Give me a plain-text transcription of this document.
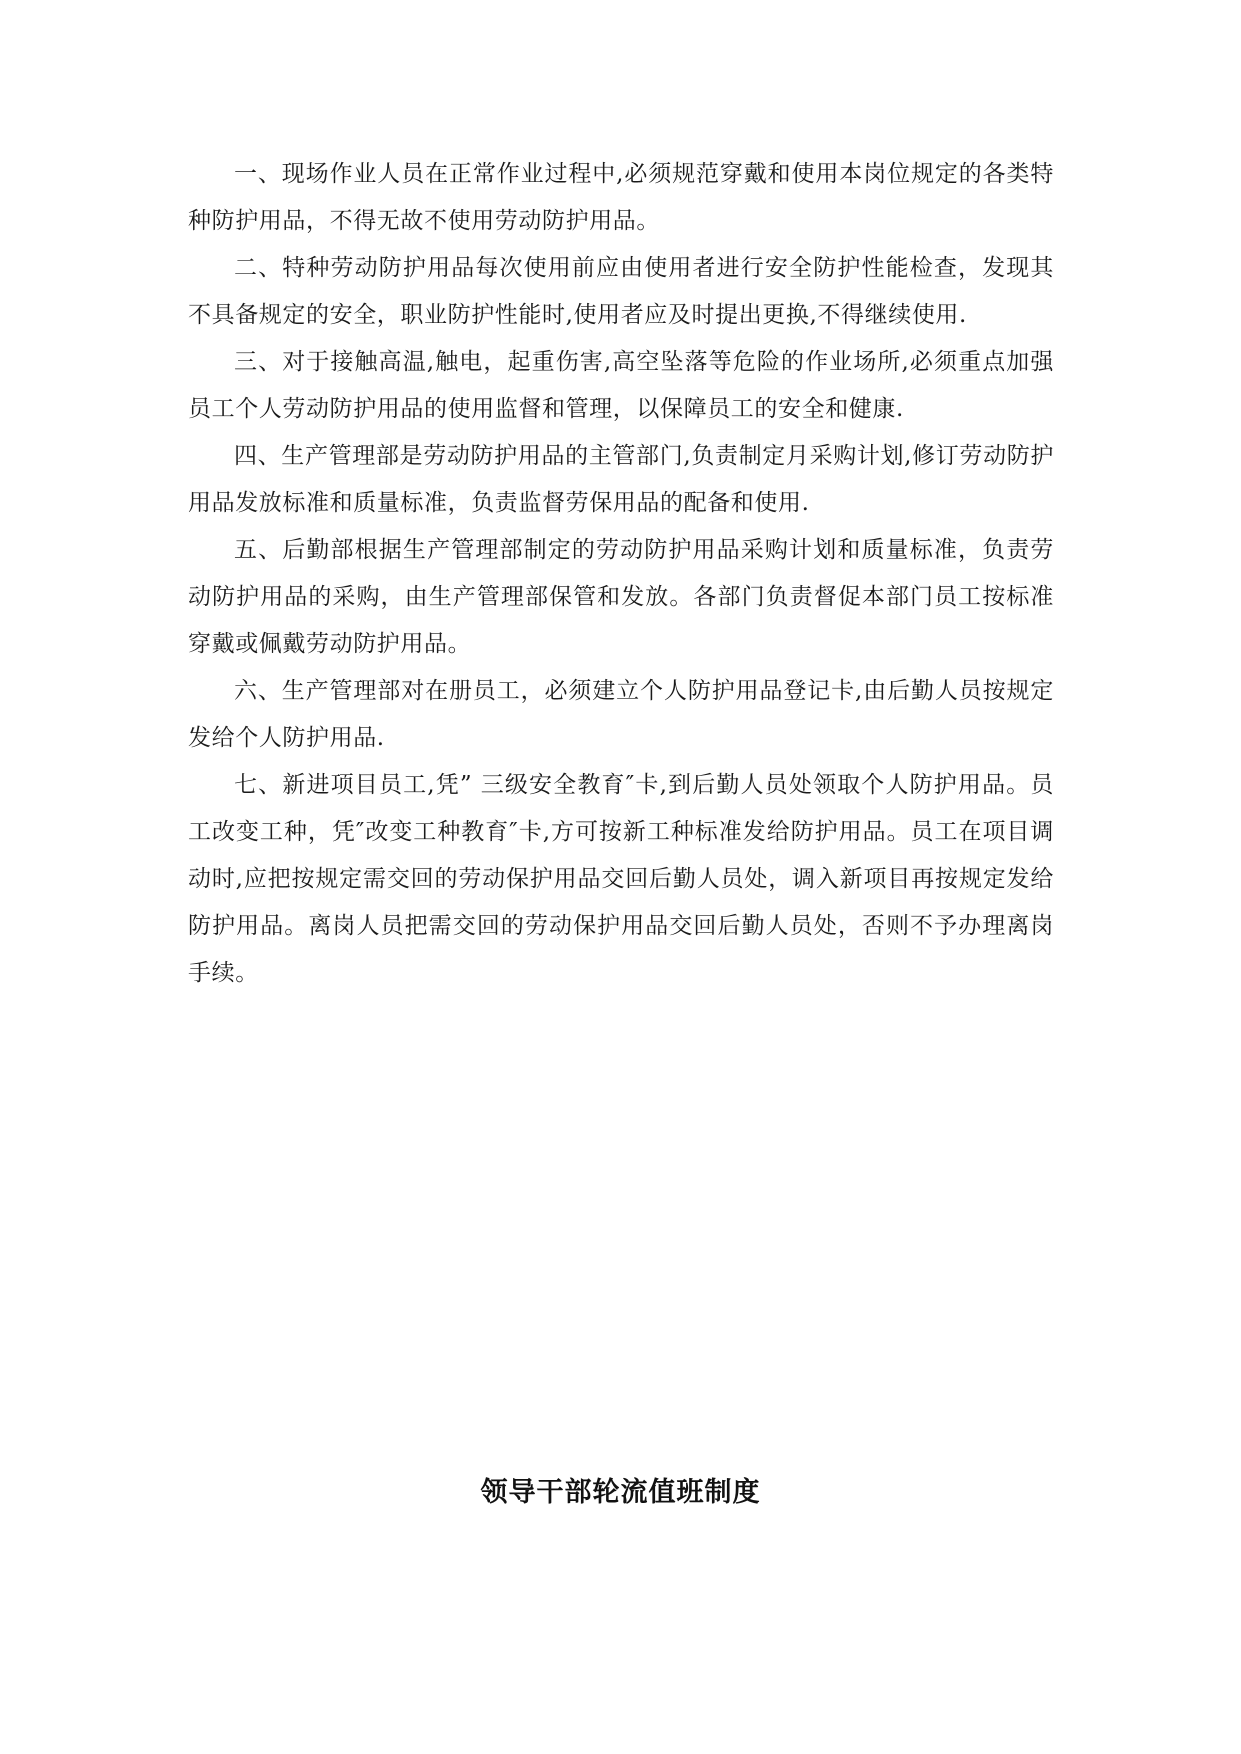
一、现场作业人员在正常作业过程中,必须规范穿戴和使用本岗位规定的各类特种防护用品，不得无故不使用劳动防护用品。

二、特种劳动防护用品每次使用前应由使用者进行安全防护性能检查，发现其不具备规定的安全，职业防护性能时,使用者应及时提出更换,不得继续使用.

三、对于接触高温,触电，起重伤害,高空坠落等危险的作业场所,必须重点加强员工个人劳动防护用品的使用监督和管理，以保障员工的安全和健康.

四、生产管理部是劳动防护用品的主管部门,负责制定月采购计划,修订劳动防护用品发放标准和质量标准，负责监督劳保用品的配备和使用.

五、后勤部根据生产管理部制定的劳动防护用品采购计划和质量标准，负责劳动防护用品的采购，由生产管理部保管和发放。各部门负责督促本部门员工按标准穿戴或佩戴劳动防护用品。

六、生产管理部对在册员工，必须建立个人防护用品登记卡,由后勤人员按规定发给个人防护用品.

七、新进项目员工,凭” 三级安全教育″卡,到后勤人员处领取个人防护用品。员工改变工种，凭″改变工种教育″卡,方可按新工种标准发给防护用品。员工在项目调动时,应把按规定需交回的劳动保护用品交回后勤人员处，调入新项目再按规定发给防护用品。离岗人员把需交回的劳动保护用品交回后勤人员处，否则不予办理离岗手续。

领导干部轮流值班制度
